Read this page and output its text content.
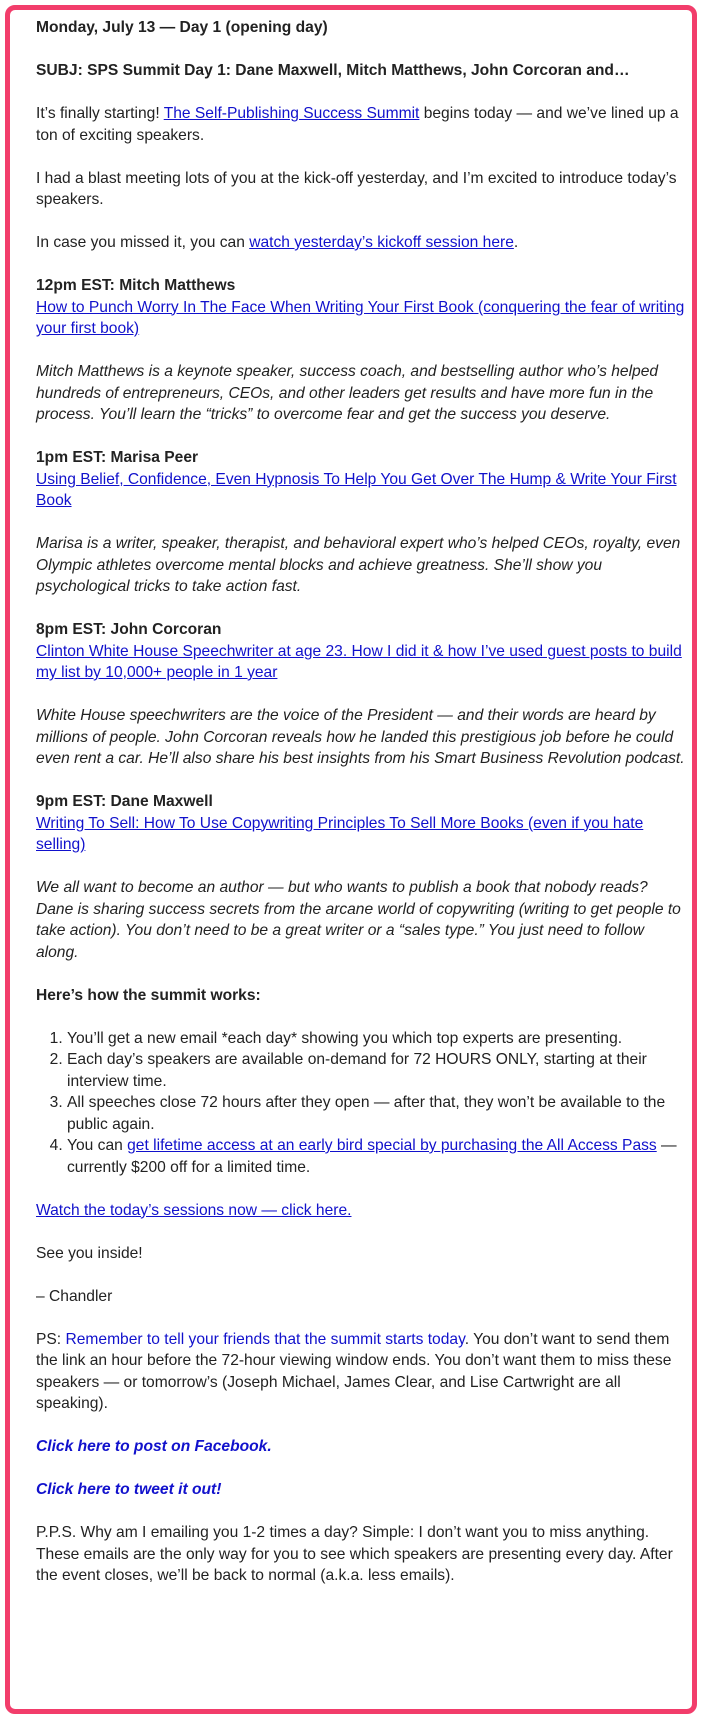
Monday, July 13 — Day 1 (opening day)

SUBJ: SPS Summit Day 1: Dane Maxwell, Mitch Matthews, John Corcoran and…

It’s finally starting! The Self-Publishing Success Summit begins today — and we’ve lined up a ton of exciting speakers.

I had a blast meeting lots of you at the kick-off yesterday, and I’m excited to introduce today’s speakers.

In case you missed it, you can watch yesterday’s kickoff session here.

12pm EST: Mitch Matthews
How to Punch Worry In The Face When Writing Your First Book (conquering the fear of writing your first book)

Mitch Matthews is a keynote speaker, success coach, and bestselling author who’s helped hundreds of entrepreneurs, CEOs, and other leaders get results and have more fun in the process. You’ll learn the “tricks” to overcome fear and get the success you deserve.

1pm EST: Marisa Peer
Using Belief, Confidence, Even Hypnosis To Help You Get Over The Hump & Write Your First Book

Marisa is a writer, speaker, therapist, and behavioral expert who’s helped CEOs, royalty, even Olympic athletes overcome mental blocks and achieve greatness. She’ll show you psychological tricks to take action fast.

8pm EST: John Corcoran
Clinton White House Speechwriter at age 23. How I did it & how I’ve used guest posts to build my list by 10,000+ people in 1 year

White House speechwriters are the voice of the President — and their words are heard by millions of people. John Corcoran reveals how he landed this prestigious job before he could even rent a car. He’ll also share his best insights from his Smart Business Revolution podcast.

9pm EST: Dane Maxwell
Writing To Sell: How To Use Copywriting Principles To Sell More Books (even if you hate selling)

We all want to become an author — but who wants to publish a book that nobody reads? Dane is sharing success secrets from the arcane world of copywriting (writing to get people to take action). You don’t need to be a great writer or a “sales type.” You just need to follow along.

Here’s how the summit works:

1. You’ll get a new email *each day* showing you which top experts are presenting.
2. Each day’s speakers are available on-demand for 72 HOURS ONLY, starting at their interview time.
3. All speeches close 72 hours after they open — after that, they won’t be available to the public again.
4. You can get lifetime access at an early bird special by purchasing the All Access Pass — currently $200 off for a limited time.

Watch the today’s sessions now — click here.

See you inside!

– Chandler

PS: Remember to tell your friends that the summit starts today. You don’t want to send them the link an hour before the 72-hour viewing window ends. You don’t want them to miss these speakers — or tomorrow’s (Joseph Michael, James Clear, and Lise Cartwright are all speaking).

Click here to post on Facebook.

Click here to tweet it out!

P.P.S. Why am I emailing you 1-2 times a day? Simple: I don’t want you to miss anything. These emails are the only way for you to see which speakers are presenting every day. After the event closes, we’ll be back to normal (a.k.a. less emails).
